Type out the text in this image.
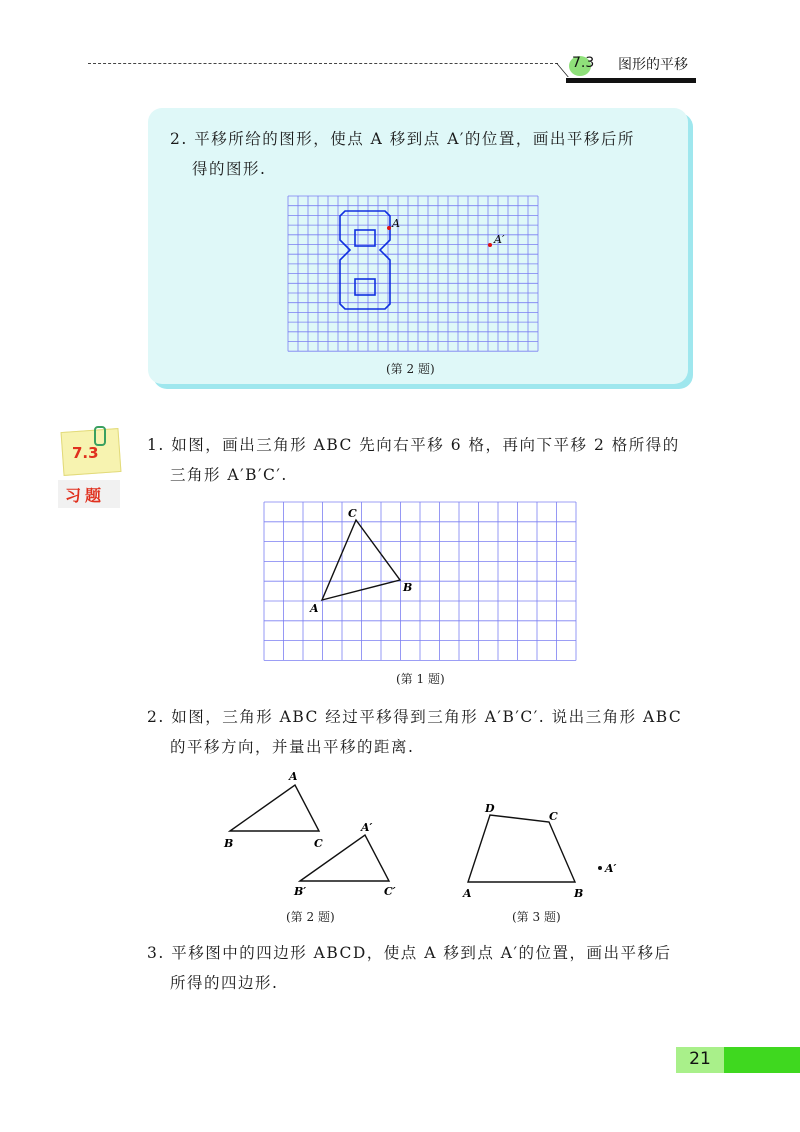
7.3 图形的平移
2. 平移所给的图形，使点 A 移到点 A′的位置，画出平移后所
得的图形.
A
A′
(第 2 题)
7.3
习题
1. 如图，画出三角形 ABC 先向右平移 6 格，再向下平移 2 格所得的
三角形 A′B′C′.
A
B
C
(第 1 题)
2. 如图，三角形 ABC 经过平移得到三角形 A′B′C′. 说出三角形 ABC
的平移方向，并量出平移的距离.
A
B	C
A′
B′	C′
(第 2 题)
A	B
C
D
A′
(第 3 题)
3. 平移图中的四边形 ABCD，使点 A 移到点 A′的位置，画出平移后
所得的四边形.
21
